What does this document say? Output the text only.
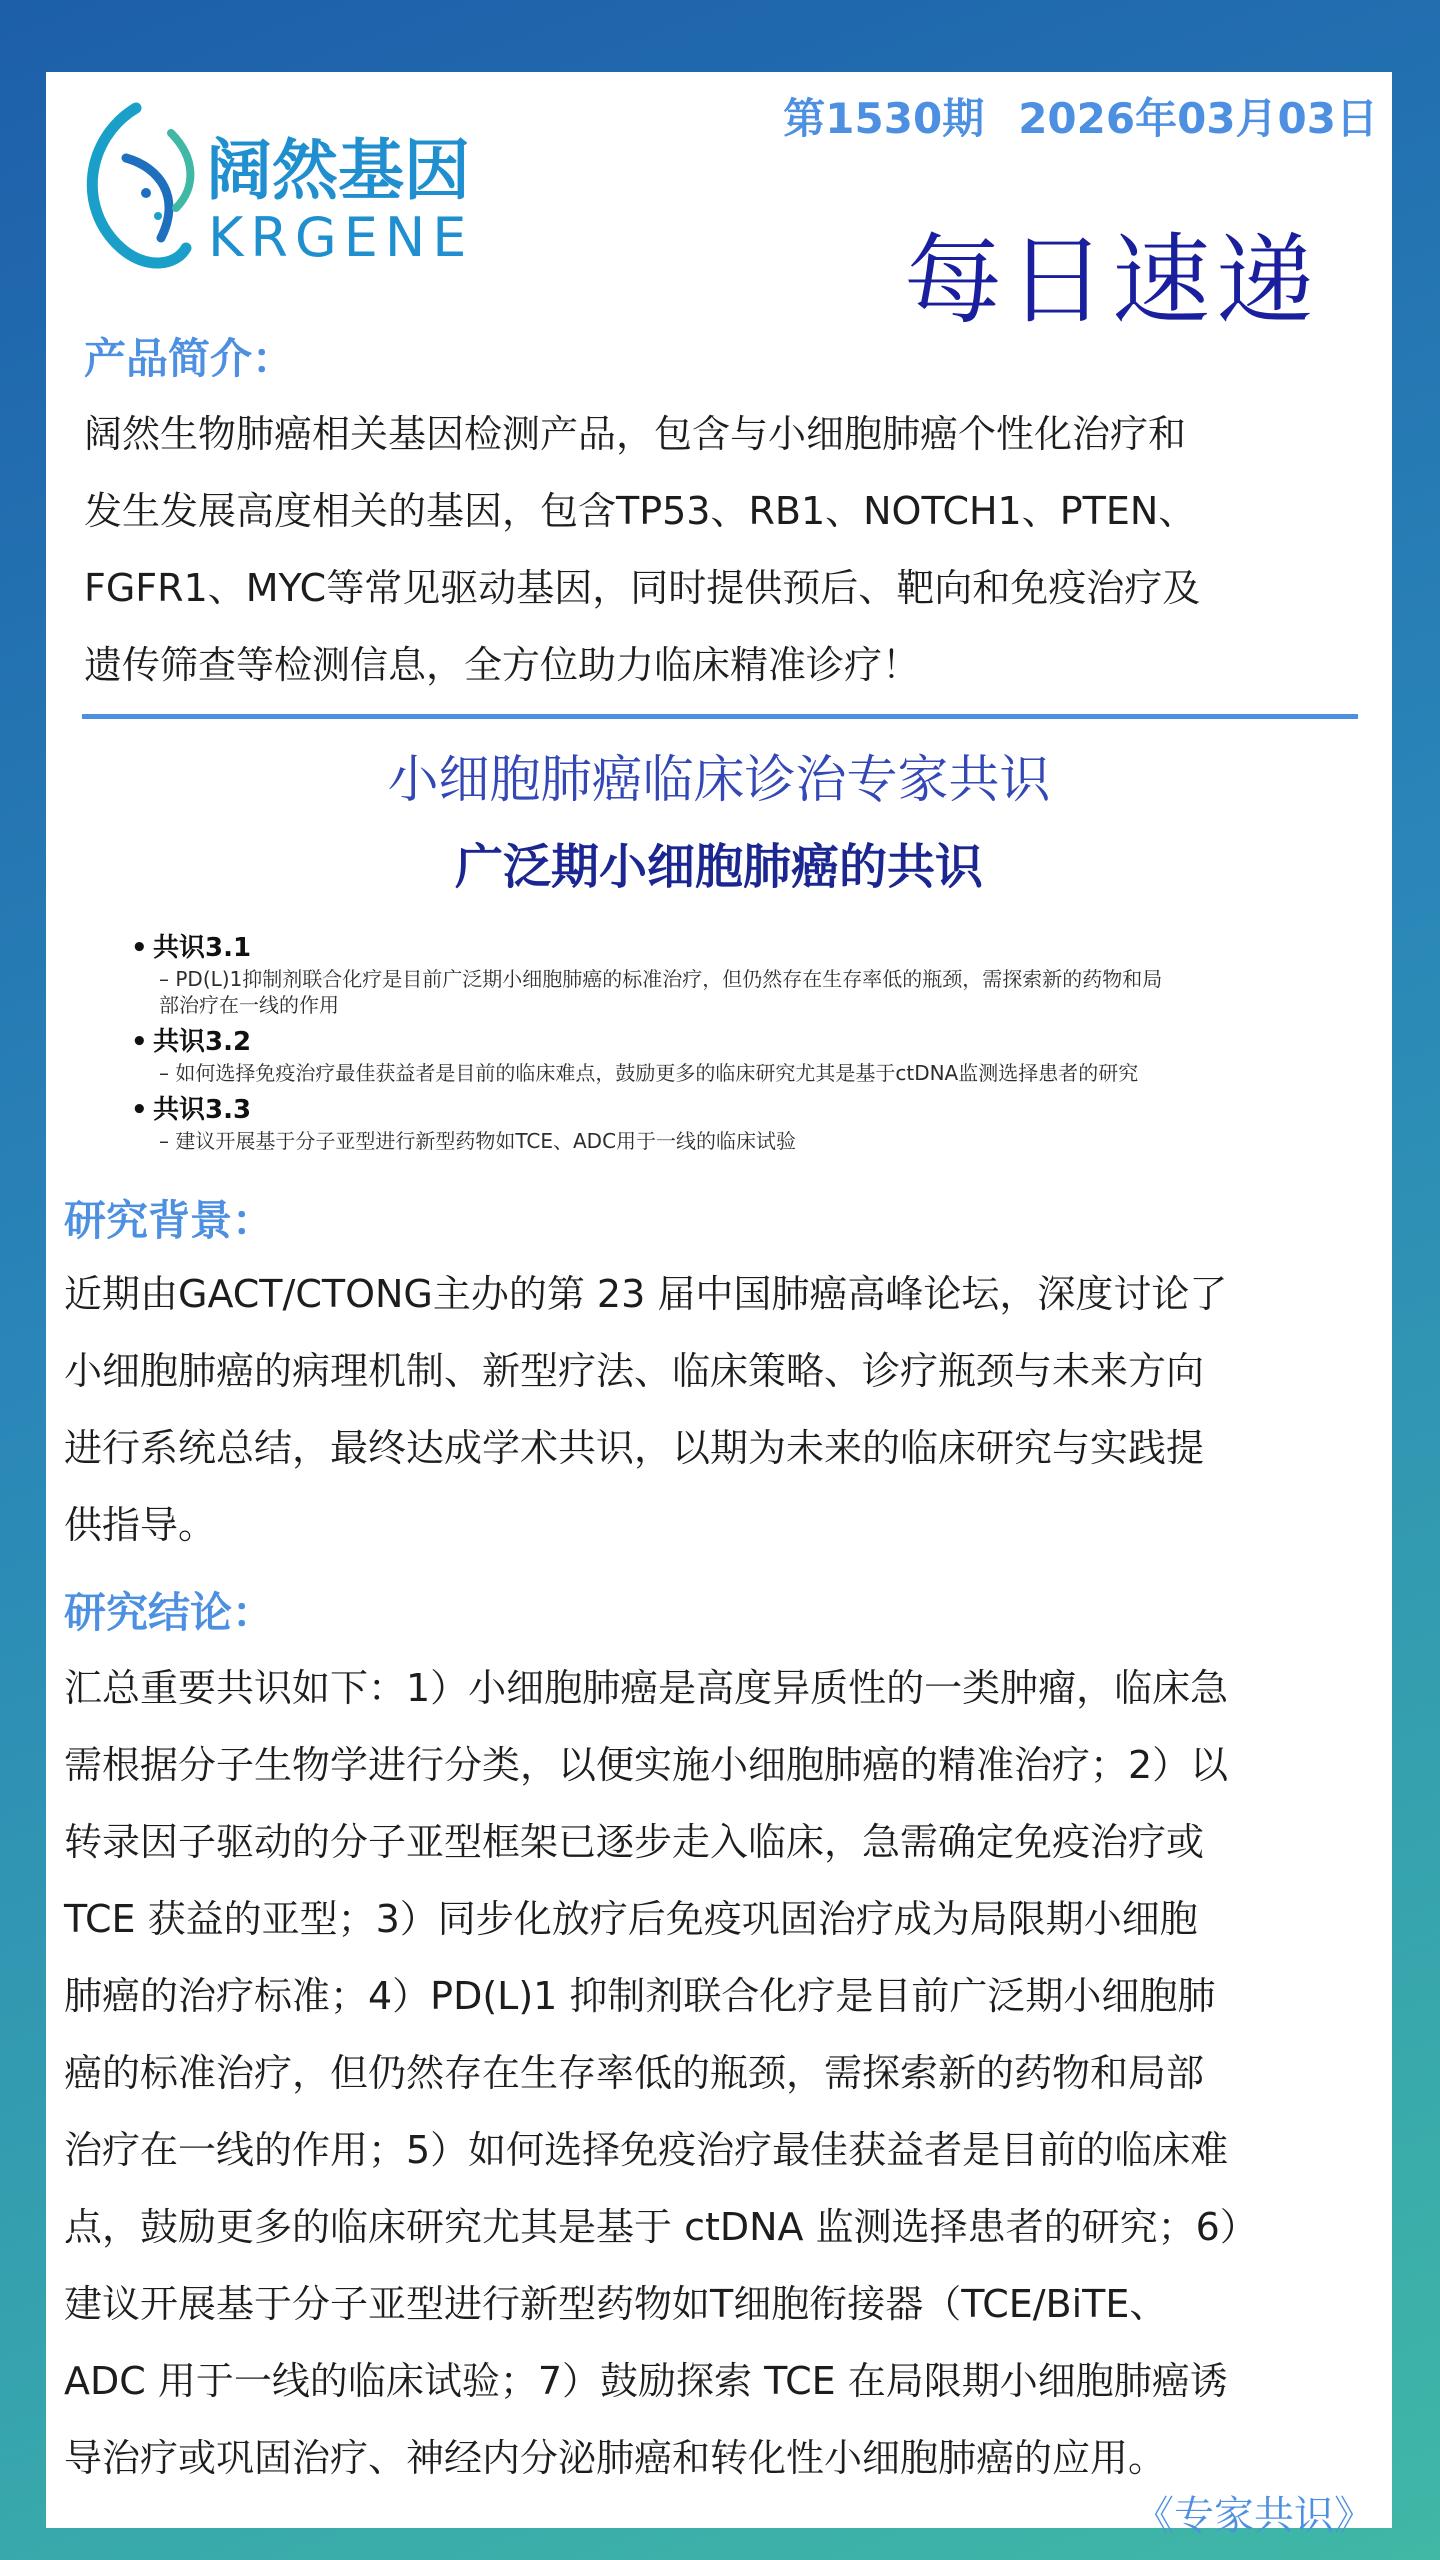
阔然基因
KRGENE
第1530期 2026年03月03日
每日速递
产品简介：
阔然生物肺癌相关基因检测产品，包含与小细胞肺癌个性化治疗和
发生发展高度相关的基因，包含TP53、RB1、NOTCH1、PTEN、
FGFR1、MYC等常见驱动基因，同时提供预后、靶向和免疫治疗及
遗传筛查等检测信息，全方位助力临床精准诊疗！
小细胞肺癌临床诊治专家共识
广泛期小细胞肺癌的共识
• 共识3.1
– PD(L)1抑制剂联合化疗是目前广泛期小细胞肺癌的标准治疗，但仍然存在生存率低的瓶颈，需探索新的药物和局
部治疗在一线的作用
• 共识3.2
– 如何选择免疫治疗最佳获益者是目前的临床难点，鼓励更多的临床研究尤其是基于ctDNA监测选择患者的研究
• 共识3.3
– 建议开展基于分子亚型进行新型药物如TCE、ADC用于一线的临床试验
研究背景：
近期由GACT/CTONG主办的第 23 届中国肺癌高峰论坛，深度讨论了
小细胞肺癌的病理机制、新型疗法、临床策略、诊疗瓶颈与未来方向
进行系统总结，最终达成学术共识，以期为未来的临床研究与实践提
供指导。
研究结论：
汇总重要共识如下：1）小细胞肺癌是高度异质性的一类肿瘤，临床急
需根据分子生物学进行分类，以便实施小细胞肺癌的精准治疗；2）以
转录因子驱动的分子亚型框架已逐步走入临床，急需确定免疫治疗或
TCE 获益的亚型；3）同步化放疗后免疫巩固治疗成为局限期小细胞
肺癌的治疗标准；4）PD(L)1 抑制剂联合化疗是目前广泛期小细胞肺
癌的标准治疗，但仍然存在生存率低的瓶颈，需探索新的药物和局部
治疗在一线的作用；5）如何选择免疫治疗最佳获益者是目前的临床难
点，鼓励更多的临床研究尤其是基于 ctDNA 监测选择患者的研究；6）
建议开展基于分子亚型进行新型药物如T细胞衔接器（TCE/BiTE、
ADC 用于一线的临床试验；7）鼓励探索 TCE 在局限期小细胞肺癌诱
导治疗或巩固治疗、神经内分泌肺癌和转化性小细胞肺癌的应用。
《专家共识》
